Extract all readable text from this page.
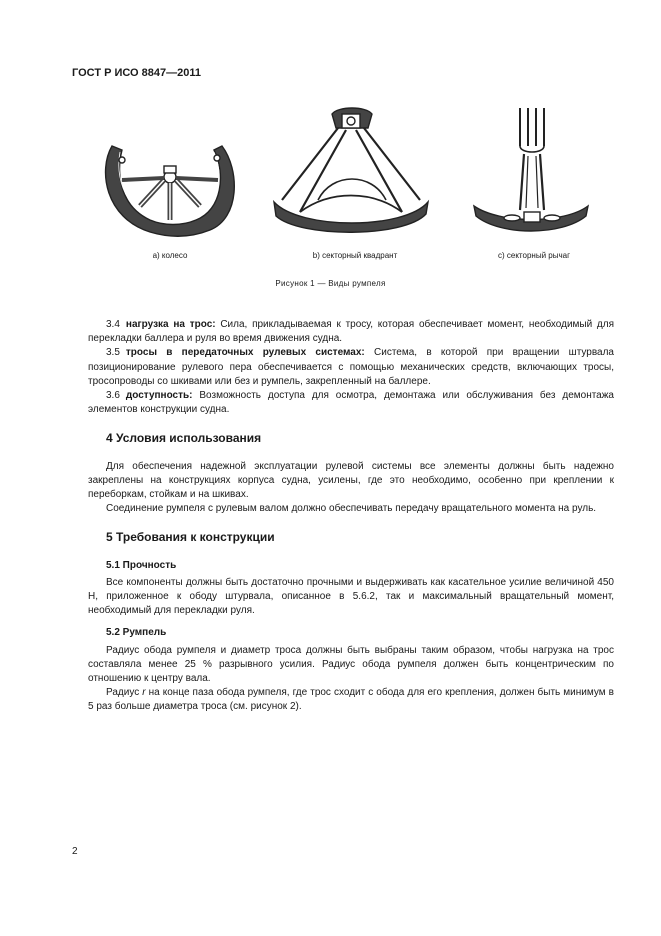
ГОСТ Р ИСО 8847—2011
а) колесо	b) секторный квадрант	с) секторный рычаг
Рисунок 1 — Виды румпеля

3.4 нагрузка на трос: Сила, прикладываемая к тросу, которая обеспечивает момент, необходимый для перекладки баллера и руля во время движения судна.

3.5 тросы в передаточных рулевых системах: Система, в которой при вращении штурвала позиционирование рулевого пера обеспечивается с помощью механических средств, включающих тросы, тросопроводы со шкивами или без и румпель, закрепленный на баллере.

3.6 доступность: Возможность доступа для осмотра, демонтажа или обслуживания без демонтажа элементов конструкции судна.

4 Условия использования

Для обеспечения надежной эксплуатации рулевой системы все элементы должны быть надежно закреплены на конструкциях корпуса судна, усилены, где это необходимо, особенно при креплении к переборкам, стойкам и на шкивах.

Соединение румпеля с рулевым валом должно обеспечивать передачу вращательного момента на руль.

5 Требования к конструкции
5.1 Прочность

Все компоненты должны быть достаточно прочными и выдерживать как касательное усилие величиной 450 Н, приложенное к ободу штурвала, описанное в 5.6.2, так и максимальный вращательный момент, необходимый для перекладки руля.

5.2 Румпель

Радиус обода румпеля и диаметр троса должны быть выбраны таким образом, чтобы нагрузка на трос составляла менее 25 % разрывного усилия. Радиус обода румпеля должен быть концентрическим по отношению к центру вала.

Радиус r на конце паза обода румпеля, где трос сходит с обода для его крепления, должен быть минимум в 5 раз больше диаметра троса (см. рисунок 2).

2
